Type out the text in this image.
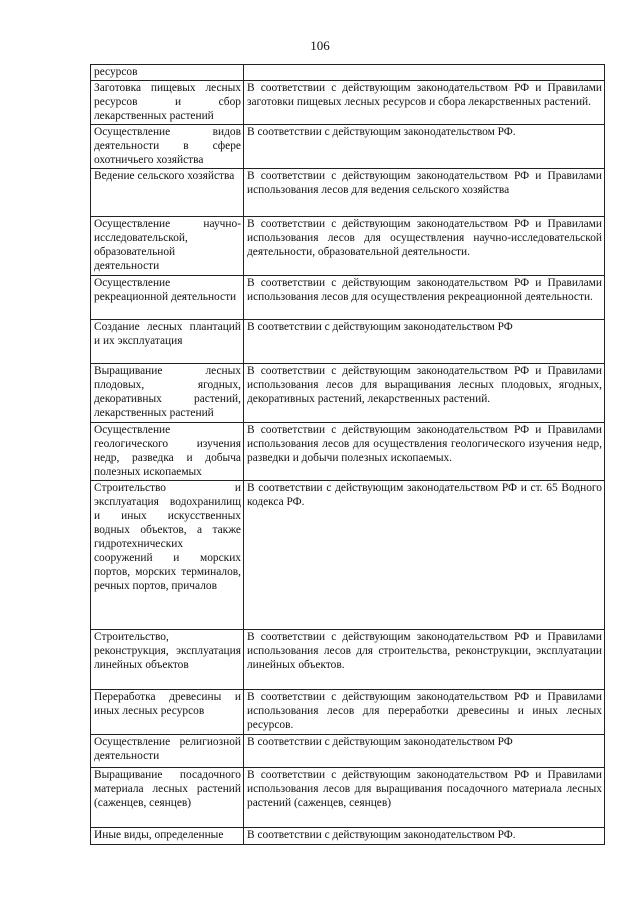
106
ресурсов	
Заготовка пищевых лесных ресурсов и сбор лекарственных растений	В соответствии с действующим законодательством РФ и Правилами заготовки пищевых лесных ресурсов и сбора лекарственных растений.
Осуществление видов деятельности в сфере охотничьего хозяйства	В соответствии с действующим законодательством РФ.
Ведение сельского хозяйства	В соответствии с действующим законодательством РФ и Правилами использования лесов для ведения сельского хозяйства
Осуществление научно-исследовательской, образовательной деятельности	В соответствии с действующим законодательством РФ и Правилами использования лесов для осуществления научно-исследовательской деятельности, образовательной деятельности.
Осуществление рекреационной деятельности	В соответствии с действующим законодательством РФ и Правилами использования лесов для осуществления рекреационной деятельности.
Создание лесных плантаций и их эксплуатация	В соответствии с действующим законодательством РФ
Выращивание лесных плодовых, ягодных, декоративных растений, лекарственных растений	В соответствии с действующим законодательством РФ и Правилами использования лесов для выращивания лесных плодовых, ягодных, декоративных растений, лекарственных растений.
Осуществление геологического изучения недр, разведка и добыча полезных ископаемых	В соответствии с действующим законодательством РФ и Правилами использования лесов для осуществления геологического изучения недр, разведки и добычи полезных ископаемых.
Строительство и эксплуатация водохранилищ и иных искусственных водных объектов, а также гидротехнических сооружений и морских портов, морских терминалов, речных портов, причалов	В соответствии с действующим законодательством РФ и ст. 65 Водного кодекса РФ.
Строительство, реконструкция, эксплуатация линейных объектов	В соответствии с действующим законодательством РФ и Правилами использования лесов для строительства, реконструкции, эксплуатации линейных объектов.
Переработка древесины и иных лесных ресурсов	В соответствии с действующим законодательством РФ и Правилами использования лесов для переработки древесины и иных лесных ресурсов.
Осуществление религиозной деятельности	В соответствии с действующим законодательством РФ
Выращивание посадочного материала лесных растений (саженцев, сеянцев)	В соответствии с действующим законодательством РФ и Правилами использования лесов для выращивания посадочного материала лесных растений (саженцев, сеянцев)
Иные виды, определенные	В соответствии с действующим законодательством РФ.
